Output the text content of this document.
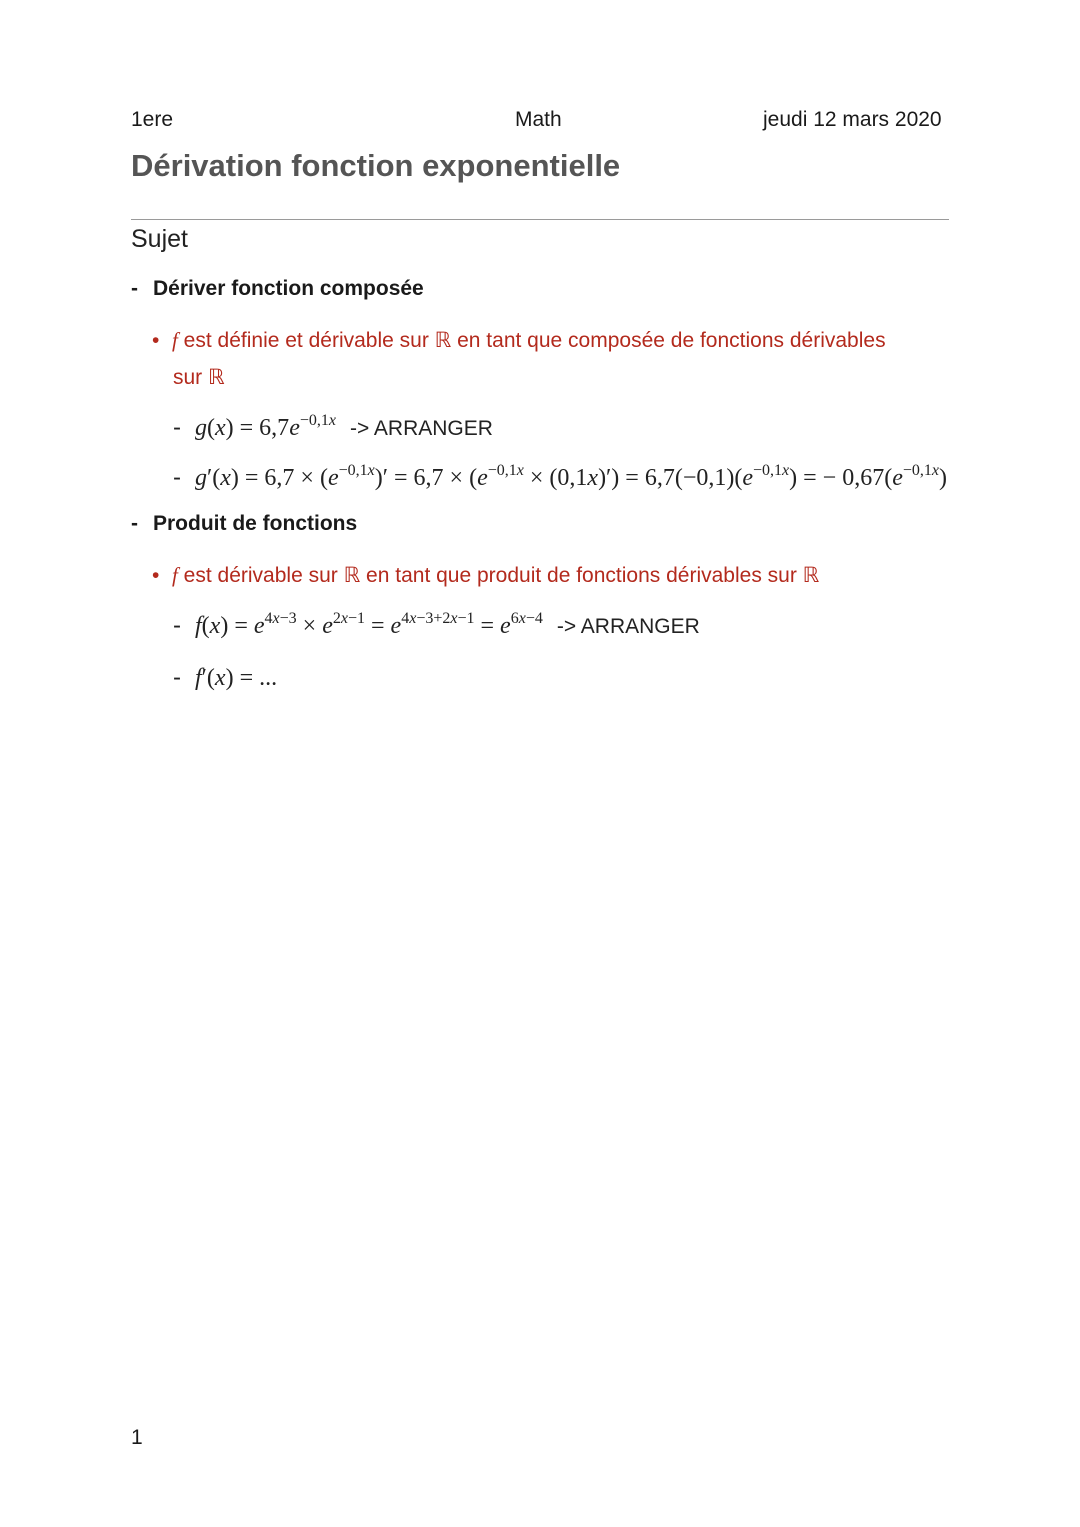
1ere	Math	jeudi 12 mars 2020
Dérivation fonction exponentielle
Sujet
- Dériver fonction composée
• f est définie et dérivable sur ℝ en tant que composée de fonctions dérivables
sur ℝ
- $g(x) = 6,7e^{-0,1x}$ -> ARRANGER
- $g'(x) = 6,7 \times (e^{-0,1x})' = 6,7 \times (e^{-0,1x} \times (0,1x)') = 6,7(-0,1)(e^{-0,1x})$ = − $0,67(e^{-0,1x})$
- Produit de fonctions
• f est dérivable sur ℝ en tant que produit de fonctions dérivables sur ℝ
- $f(x) = e^{4x-3} \times e^{2x-1} = e^{4x-3+2x-1} = e^{6x-4}$ -> ARRANGER
- f′(x) = ...
1
